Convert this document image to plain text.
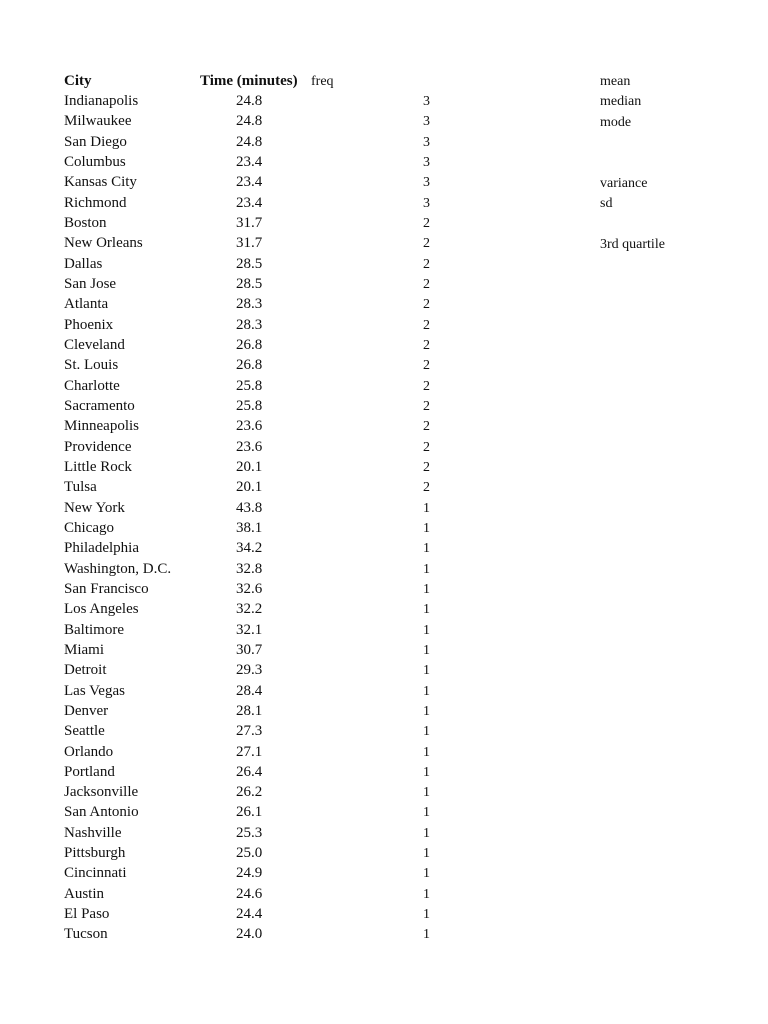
City	Time (minutes) freq
Indianapolis	24.8	3
Milwaukee	24.8	3
San Diego	24.8	3
Columbus	23.4	3
Kansas City	23.4	3
Richmond	23.4	3
Boston	31.7	2
New Orleans	31.7	2
Dallas	28.5	2
San Jose	28.5	2
Atlanta	28.3	2
Phoenix	28.3	2
Cleveland	26.8	2
St. Louis	26.8	2
Charlotte	25.8	2
Sacramento	25.8	2
Minneapolis	23.6	2
Providence	23.6	2
Little Rock	20.1	2
Tulsa	20.1	2
New York	43.8	1
Chicago	38.1	1
Philadelphia	34.2	1
Washington, D.C.	32.8	1
San Francisco	32.6	1
Los Angeles	32.2	1
Baltimore	32.1	1
Miami	30.7	1
Detroit	29.3	1
Las Vegas	28.4	1
Denver	28.1	1
Seattle	27.3	1
Orlando	27.1	1
Portland	26.4	1
Jacksonville	26.2	1
San Antonio	26.1	1
Nashville	25.3	1
Pittsburgh	25.0	1
Cincinnati	24.9	1
Austin	24.6	1
El Paso	24.4	1
Tucson	24.0	1
mean
median
mode
variance
sd
3rd quartile
